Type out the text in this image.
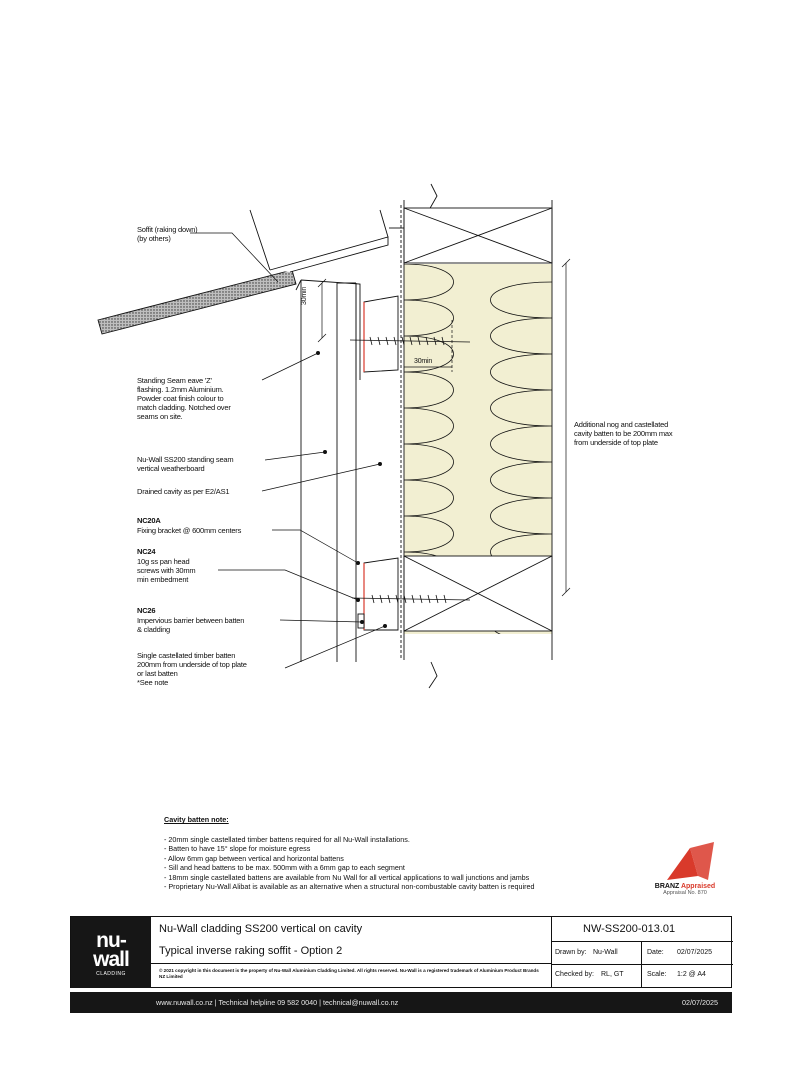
Soffit (raking down)
(by others)
Standing Seam eave 'Z'
flashing. 1.2mm Aluminium.
Powder coat finish colour to
match cladding. Notched over
seams on site.
Nu-Wall SS200 standing seam
vertical weatherboard
Drained cavity as per E2/AS1
NC20A
Fixing bracket @ 600mm centers
NC24
10g ss pan head
screws with 30mm
min embedment
NC26
Impervious barrier between batten
& cladding
Single castellated timber batten
200mm from underside of top plate
or last batten
*See note
Additional nog and castellated
cavity batten to be 200mm max
from underside of top plate
30min
30min
Cavity batten note:
- 20mm single castellated timber battens required for all Nu-Wall installations.
- Batten to have 15° slope for moisture egress
- Allow 6mm gap between vertical and horizontal battens
- Sill and head battens to be max. 500mm with a 6mm gap to each segment
- 18mm single castellated battens are available from Nu Wall for all vertical applications to wall junctions and jambs
- Proprietary Nu-Wall Alibat is available as an alternative when a structural non-combustable cavity batten is required	BRANZ Appraised
Appraisal No. 870
nu-
wall
CLADDING
Nu-Wall cladding SS200 vertical on cavity
Typical inverse raking soffit - Option 2
© 2021 copyright in this document is the property of Nu-Wall Aluminium Cladding Limited. All rights reserved. Nu-Wall is a registered trademark of Aluminium Product Brands NZ Limited
NW-SS200-013.01
Drawn by: Nu-Wall	Date: 02/07/2025
Checked by: RL, GT	Scale: 1:2 @ A4
www.nuwall.co.nz | Technical helpline 09 582 0040 | technical@nuwall.co.nz	02/07/2025
